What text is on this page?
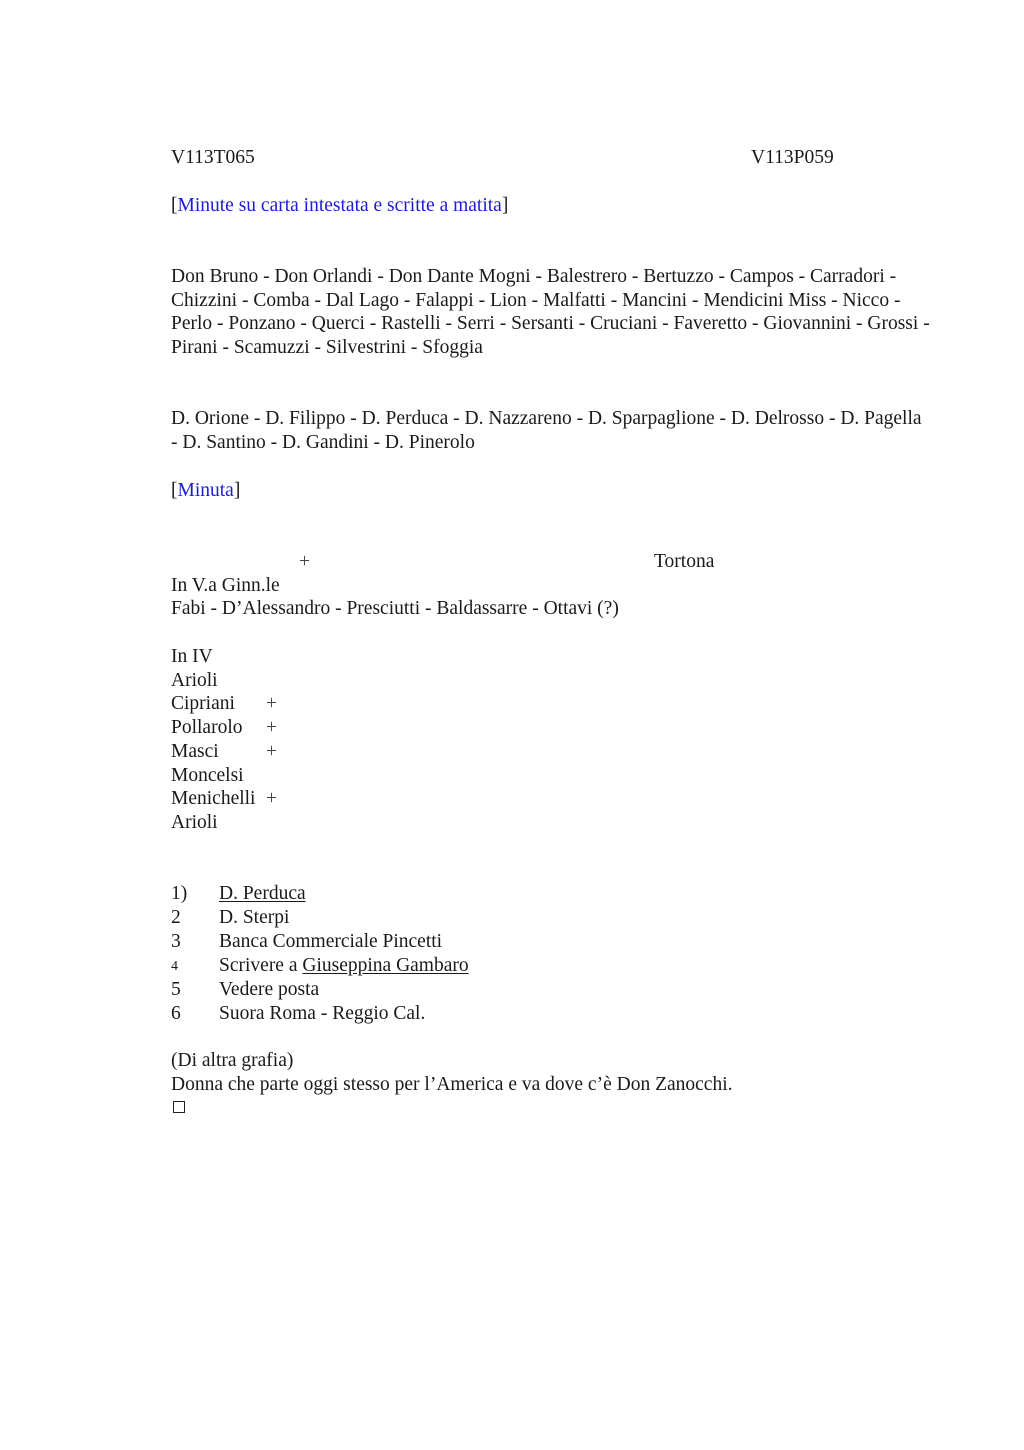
V113T065	V113P059
[Minute su carta intestata e scritte a matita]
Don Bruno - Don Orlandi - Don Dante Mogni - Balestrero - Bertuzzo - Campos - Carradori - Chizzini - Comba - Dal Lago - Falappi - Lion - Malfatti - Mancini - Mendicini Miss - Nicco - Perlo - Ponzano - Querci - Rastelli - Serri - Sersanti - Cruciani - Faveretto - Giovannini - Grossi - Pirani - Scamuzzi - Silvestrini - Sfoggia
D. Orione - D. Filippo - D. Perduca - D. Nazzareno - D. Sparpaglione - D. Delrosso - D. Pagella - D. Santino - D. Gandini - D. Pinerolo
[Minuta]
+	Tortona
In V.a Ginn.le
Fabi - D’Alessandro - Presciutti - Baldassarre - Ottavi (?)
In IV
Arioli
Cipriani +
Pollarolo +
Masci +
Moncelsi
Menichelli +
Arioli
1) D. Perduca
2 D. Sterpi
3 Banca Commerciale Pincetti
4 Scrivere a Giuseppina Gambaro
5 Vedere posta
6 Suora Roma - Reggio Cal.
(Di altra grafia)
Donna che parte oggi stesso per l’America e va dove c’è Don Zanocchi.
